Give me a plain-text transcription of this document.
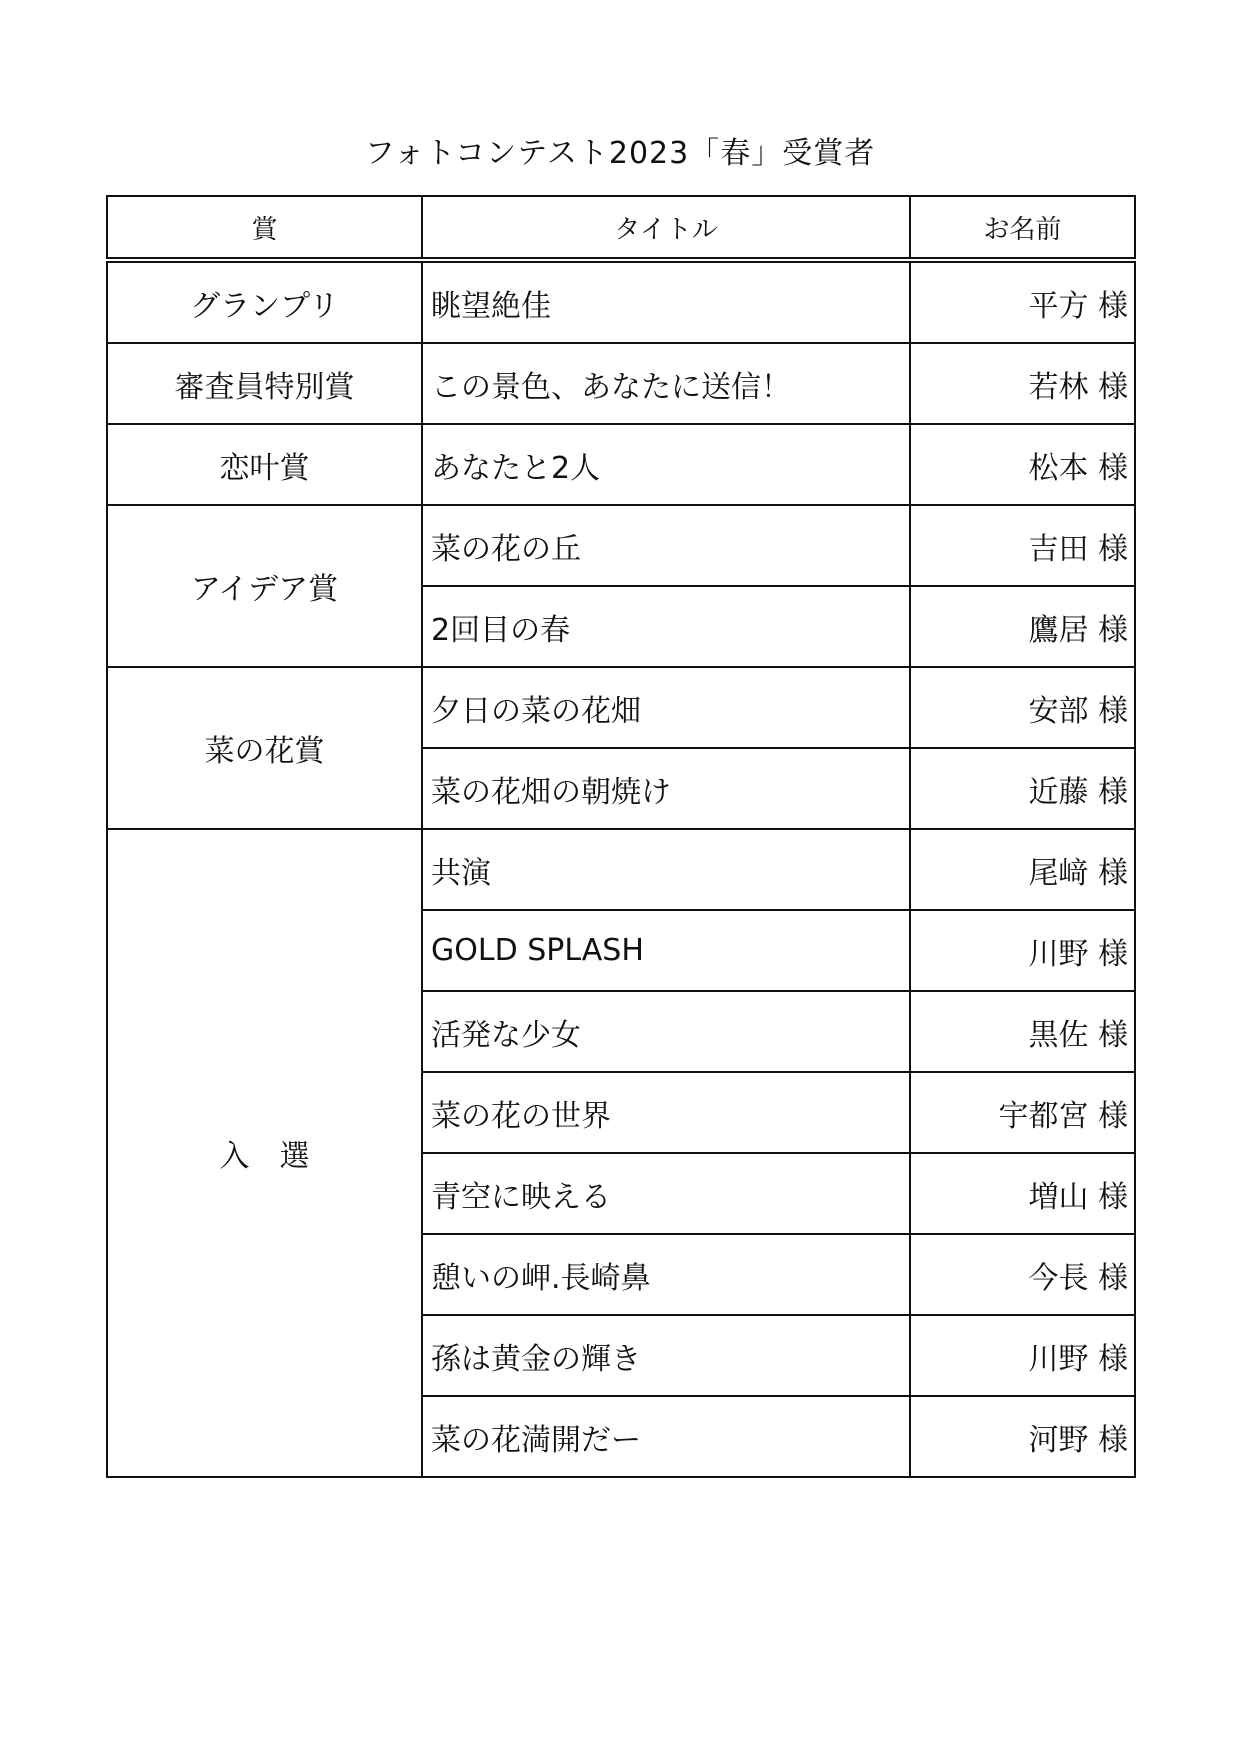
フォトコンテスト2023「春」受賞者
賞	タイトル	お名前
グランプリ	眺望絶佳	平方 様
審査員特別賞	この景色、あなたに送信！	若林 様
恋叶賞	あなたと2人	松本 様
アイデア賞	菜の花の丘	吉田 様
	2回目の春	鷹居 様
菜の花賞	夕日の菜の花畑	安部 様
	菜の花畑の朝焼け	近藤 様
入　選	共演	尾﨑 様
	GOLD SPLASH	川野 様
	活発な少女	黒佐 様
	菜の花の世界	宇都宮 様
	青空に映える	増山 様
	憩いの岬.長崎鼻	今長 様
	孫は黄金の輝き	川野 様
	菜の花満開だー	河野 様
